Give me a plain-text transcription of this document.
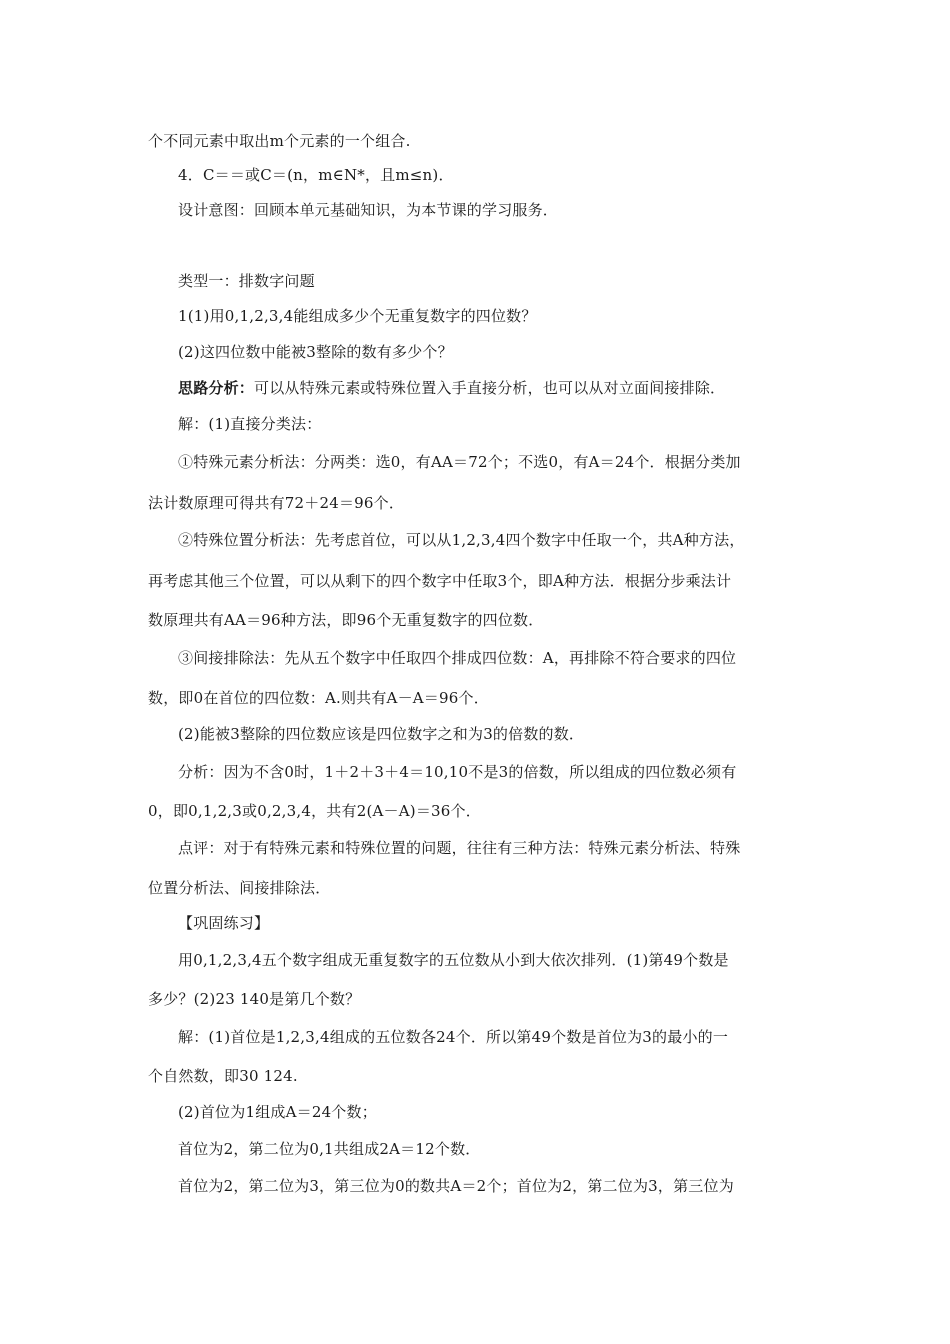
个不同元素中取出m个元素的一个组合.
4．C＝＝或C＝(n，m∈N*，且m≤n)．
设计意图：回顾本单元基础知识，为本节课的学习服务．
类型一：排数字问题
1(1)用0,1,2,3,4能组成多少个无重复数字的四位数？
(2)这四位数中能被3整除的数有多少个？
思路分析：可以从特殊元素或特殊位置入手直接分析，也可以从对立面间接排除．
解：(1)直接分类法：
①特殊元素分析法：分两类：选0，有AA＝72个；不选0，有A＝24个．根据分类加
法计数原理可得共有72＋24＝96个．
②特殊位置分析法：先考虑首位，可以从1,2,3,4四个数字中任取一个，共A种方法，
再考虑其他三个位置，可以从剩下的四个数字中任取3个，即A种方法．根据分步乘法计
数原理共有AA＝96种方法，即96个无重复数字的四位数．
③间接排除法：先从五个数字中任取四个排成四位数：A，再排除不符合要求的四位
数，即0在首位的四位数：A.则共有A－A＝96个．
(2)能被3整除的四位数应该是四位数字之和为3的倍数的数．
分析：因为不含0时，1＋2＋3＋4＝10,10不是3的倍数，所以组成的四位数必须有
0，即0,1,2,3或0,2,3,4，共有2(A－A)＝36个．
点评：对于有特殊元素和特殊位置的问题，往往有三种方法：特殊元素分析法、特殊
位置分析法、间接排除法．
【巩固练习】
用0,1,2,3,4五个数字组成无重复数字的五位数从小到大依次排列．(1)第49个数是
多少？(2)23 140是第几个数？
解：(1)首位是1,2,3,4组成的五位数各24个．所以第49个数是首位为3的最小的一
个自然数，即30 124.
(2)首位为1组成A＝24个数；
首位为2，第二位为0,1共组成2A＝12个数．
首位为2，第二位为3，第三位为0的数共A＝2个；首位为2，第二位为3，第三位为
